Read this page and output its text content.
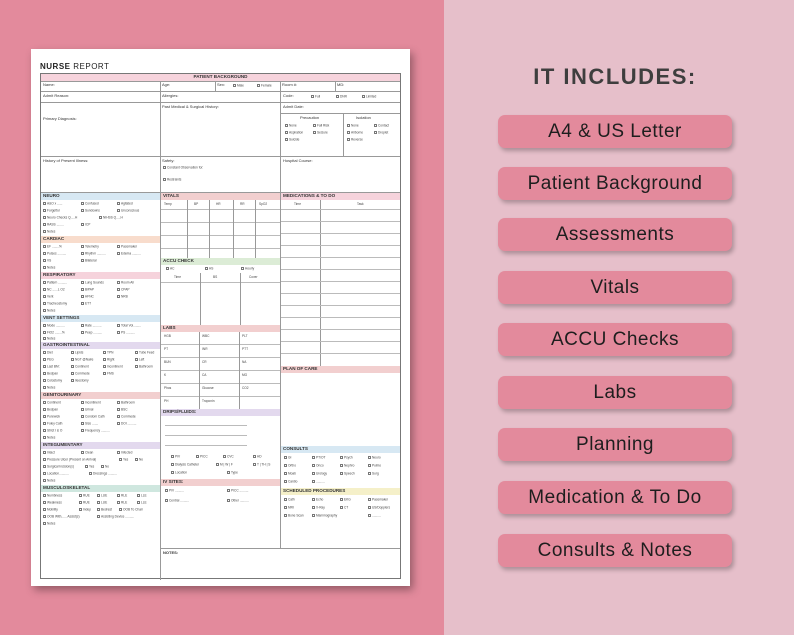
NURSE REPORT
PATIENT BACKGROUND
Name:	Age:	Sex:	Male	Female	Room #:	MD:
Admit Reason:	Allergies:	Code:	Full	DNR	Limited
Primary Diagnosis:
Past Medical & Surgical History:	Admit Date:
Precaution	Isolation
None	Fall Risk
Aspiration	Seizure
Suicide
None	Contact
Airborne	Droplet
Reverse
History of Present Illness:	Safety:
Constant Observation for:
Restraints
Hospital Course:
NEURO
A&O x ......	Confused	Agitated
Forgetful	Sundowns	Unconscious
Neuro Checks Q.....H	NIHSS Q.....H
RASS ........	ICP
Notes
CARDIAC
EF ........%	Telemetry	Pacemaker
Pulses ..........	Rhythm ..........	Edema ..........
VS	Bilateral
Notes
RESPIRATORY
Pattern ..........	Lung Sounds	Room Air
NC ......L O2	BiPAP	CPAP
Vent	HFNC	NRB
Tracheostomy	ETT
Notes
VENT SETTINGS
Mode ..........	Rate ..........	Total Vol.........
FiO2 ........%	Peep ..........	PS ..........
Notes
GASTROINTESTINAL
Diet	Lipids	TPN	Tube Feed
PEG	NGT @Naire	Right	Left
Last BM:	Continent	Incontinent	Bathroom
Bedpan	Commode	FMS
Colostomy	Ileostomy
Notes
GENITOURINARY
Continent	Incontinent	Bathroom
Bedpan	Urinal	BSC
Purewick	Condom Cath	Commode
Foley Cath	Size .......	DOI ..........
Strict I & O	Frequency ..........
Notes
INTEGUMENTARY
Intact	Clean	Infected
Pressure Ulcer (Present on Arrival)	Yes	No
Surgical Incision(s)	Yes	No
Location...........	Dressings ..........
Notes
MUSCULOSKELETAL
Numbness	RUE	LUE	RLE	LLE
Weakness	RUE	LUE	RLE	LLE
Mobility	Indep	Bedrest	OOB To Chair
OOB With...... Assist(s)	Assisting Device ..........
Notes
VITALS
Temp	BP	HR	RR	SpO2
ACCU CHECK
AC	HS	Hourly
Time	BS	Cover
LABS
HGB	WBC	PLT
PT	INR	PTT
BUN	CR	NA
K	CA	MG
Phos	Glucose	CO2
PH	Troponin
DRIPS/FLUIDS:
PIV	PICC	CVC	HD
Dialysis Catheter	M | W | F	T | TH | S
Location	Type
IV SITES:
PIV ..........	PICC ..........
Central ..........	Other ..........
NOTES:
MEDICATIONS & TO DO
Time	Task
PLAN OF CARE
CONSULTS
GI	PT/OT	Psych	Neuro
Ortho	Onco	Nephro	Pulmo
Moab	Urology	Speech	Surg
Cardio	..........
SCHEDULED PROCEDURES
Cath	Echo	EKG	Pacemaker
MRI	X-Ray	CT	US/Dopplers
Bone Scan	Mammography	..........
IT INCLUDES:
A4 & US Letter
Patient Background
Assessments
Vitals
ACCU Checks
Labs
Planning
Medication & To Do
Consults & Notes
